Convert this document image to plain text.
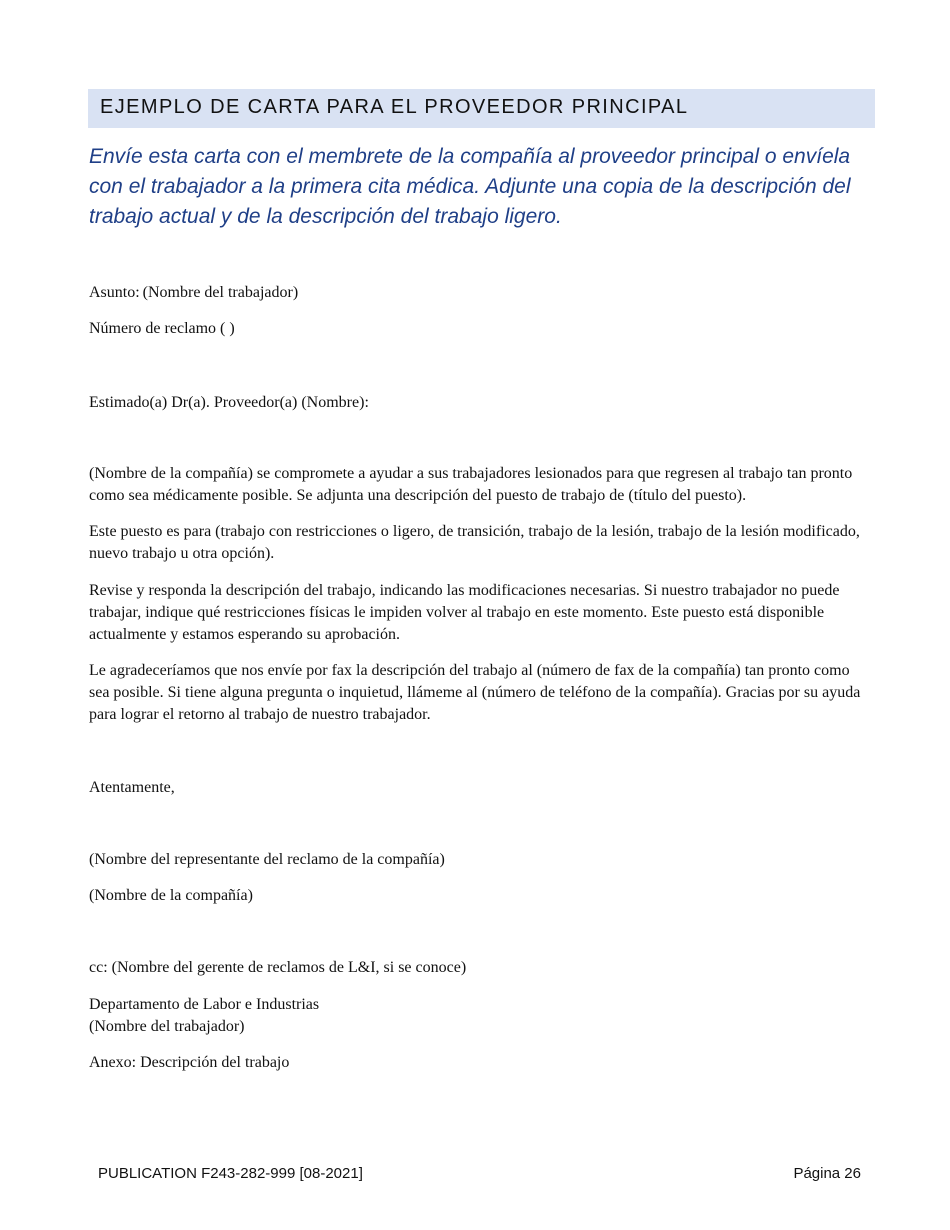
EJEMPLO DE CARTA PARA EL PROVEEDOR PRINCIPAL

Envíe esta carta con el membrete de la compañía al proveedor principal o envíela con el trabajador a la primera cita médica. Adjunte una copia de la descripción del trabajo actual y de la descripción del trabajo ligero.

Asunto: (Nombre del trabajador)
Número de reclamo ( )
Estimado(a) Dr(a). Proveedor(a) (Nombre):

(Nombre de la compañía) se compromete a ayudar a sus trabajadores lesionados para que regresen al trabajo tan pronto como sea médicamente posible. Se adjunta una descripción del puesto de trabajo de (título del puesto).

Este puesto es para (trabajo con restricciones o ligero, de transición, trabajo de la lesión, trabajo de la lesión modificado, nuevo trabajo u otra opción).

Revise y responda la descripción del trabajo, indicando las modificaciones necesarias. Si nuestro trabajador no puede trabajar, indique qué restricciones físicas le impiden volver al trabajo en este momento. Este puesto está disponible actualmente y estamos esperando su aprobación.

Le agradeceríamos que nos envíe por fax la descripción del trabajo al (número de fax de la compañía) tan pronto como sea posible. Si tiene alguna pregunta o inquietud, llámeme al (número de teléfono de la compañía). Gracias por su ayuda para lograr el retorno al trabajo de nuestro trabajador.

Atentamente,
(Nombre del representante del reclamo de la compañía)
(Nombre de la compañía)
cc: (Nombre del gerente de reclamos de L&I, si se conoce)
Departamento de Labor e Industrias
(Nombre del trabajador)
Anexo: Descripción del trabajo
PUBLICATION F243-282-999 [08-2021]	Página 26
